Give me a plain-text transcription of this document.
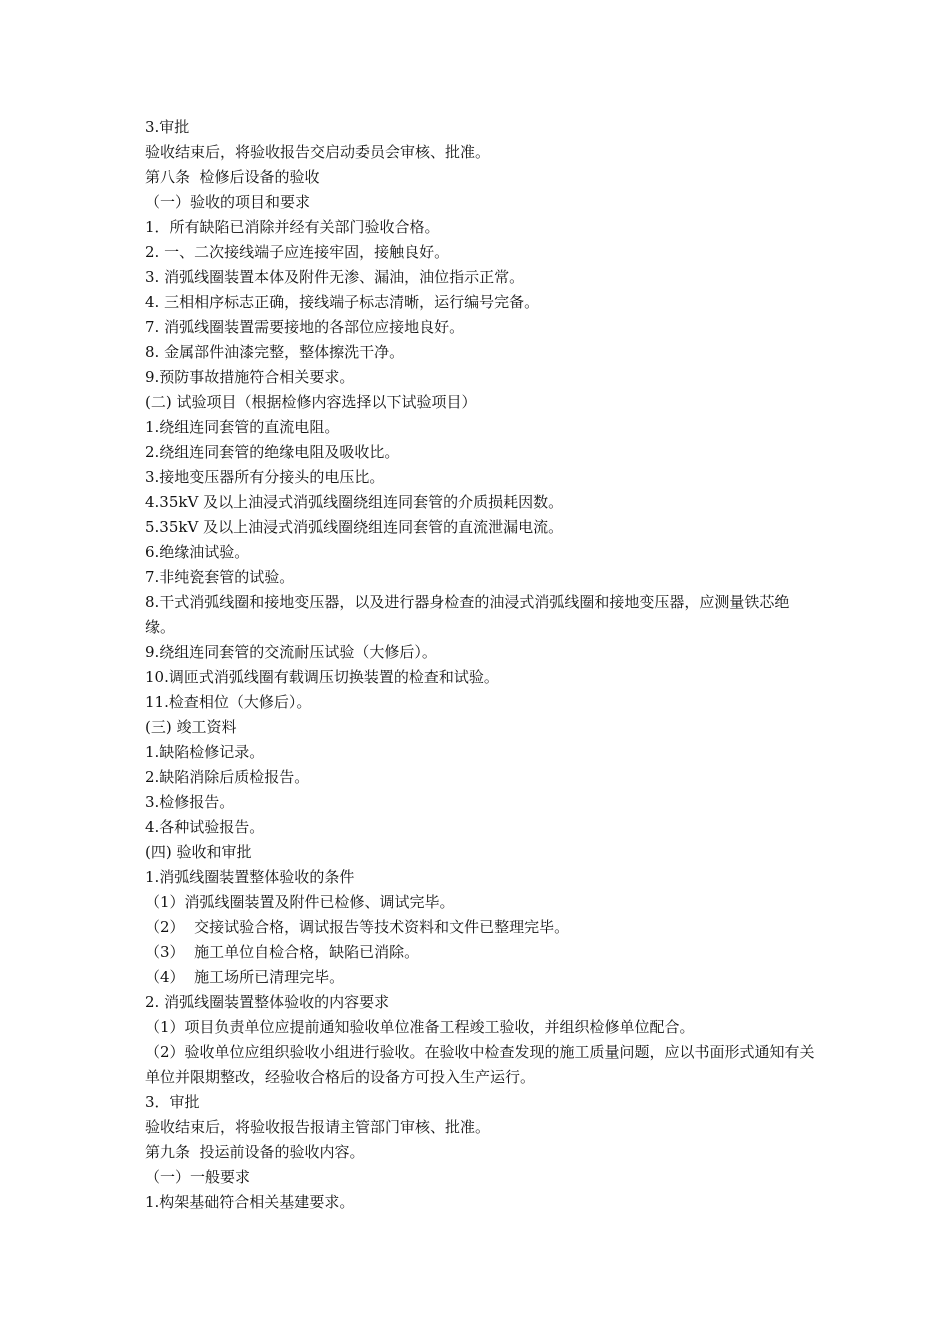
3.审批

验收结束后，将验收报告交启动委员会审核、批准。

第八条  检修后设备的验收

（一）验收的项目和要求

1．所有缺陷已消除并经有关部门验收合格。

2. 一、二次接线端子应连接牢固，接触良好。

3. 消弧线圈装置本体及附件无渗、漏油，油位指示正常。

4. 三相相序标志正确，接线端子标志清晰，运行编号完备。

7. 消弧线圈装置需要接地的各部位应接地良好。

8. 金属部件油漆完整，整体擦洗干净。

9.预防事故措施符合相关要求。

(二) 试验项目（根据检修内容选择以下试验项目）

1.绕组连同套管的直流电阻。

2.绕组连同套管的绝缘电阻及吸收比。

3.接地变压器所有分接头的电压比。

4.35kV 及以上油浸式消弧线圈绕组连同套管的介质损耗因数。

5.35kV 及以上油浸式消弧线圈绕组连同套管的直流泄漏电流。

6.绝缘油试验。

7.非纯瓷套管的试验。

8.干式消弧线圈和接地变压器，以及进行器身检查的油浸式消弧线圈和接地变压器，应测量铁芯绝缘。

9.绕组连同套管的交流耐压试验（大修后）。

10.调匝式消弧线圈有载调压切换装置的检查和试验。

11.检查相位（大修后）。

(三) 竣工资料

1.缺陷检修记录。

2.缺陷消除后质检报告。

3.检修报告。

4.各种试验报告。

(四) 验收和审批

1.消弧线圈装置整体验收的条件

（1）消弧线圈装置及附件已检修、调试完毕。

（2）  交接试验合格，调试报告等技术资料和文件已整理完毕。

（3）  施工单位自检合格，缺陷已消除。

（4）  施工场所已清理完毕。

2. 消弧线圈装置整体验收的内容要求

（1）项目负责单位应提前通知验收单位准备工程竣工验收，并组织检修单位配合。

（2）验收单位应组织验收小组进行验收。在验收中检查发现的施工质量问题，应以书面形式通知有关单位并限期整改，经验收合格后的设备方可投入生产运行。

3．审批

验收结束后，将验收报告报请主管部门审核、批准。

第九条  投运前设备的验收内容。

（一）一般要求

1.构架基础符合相关基建要求。
